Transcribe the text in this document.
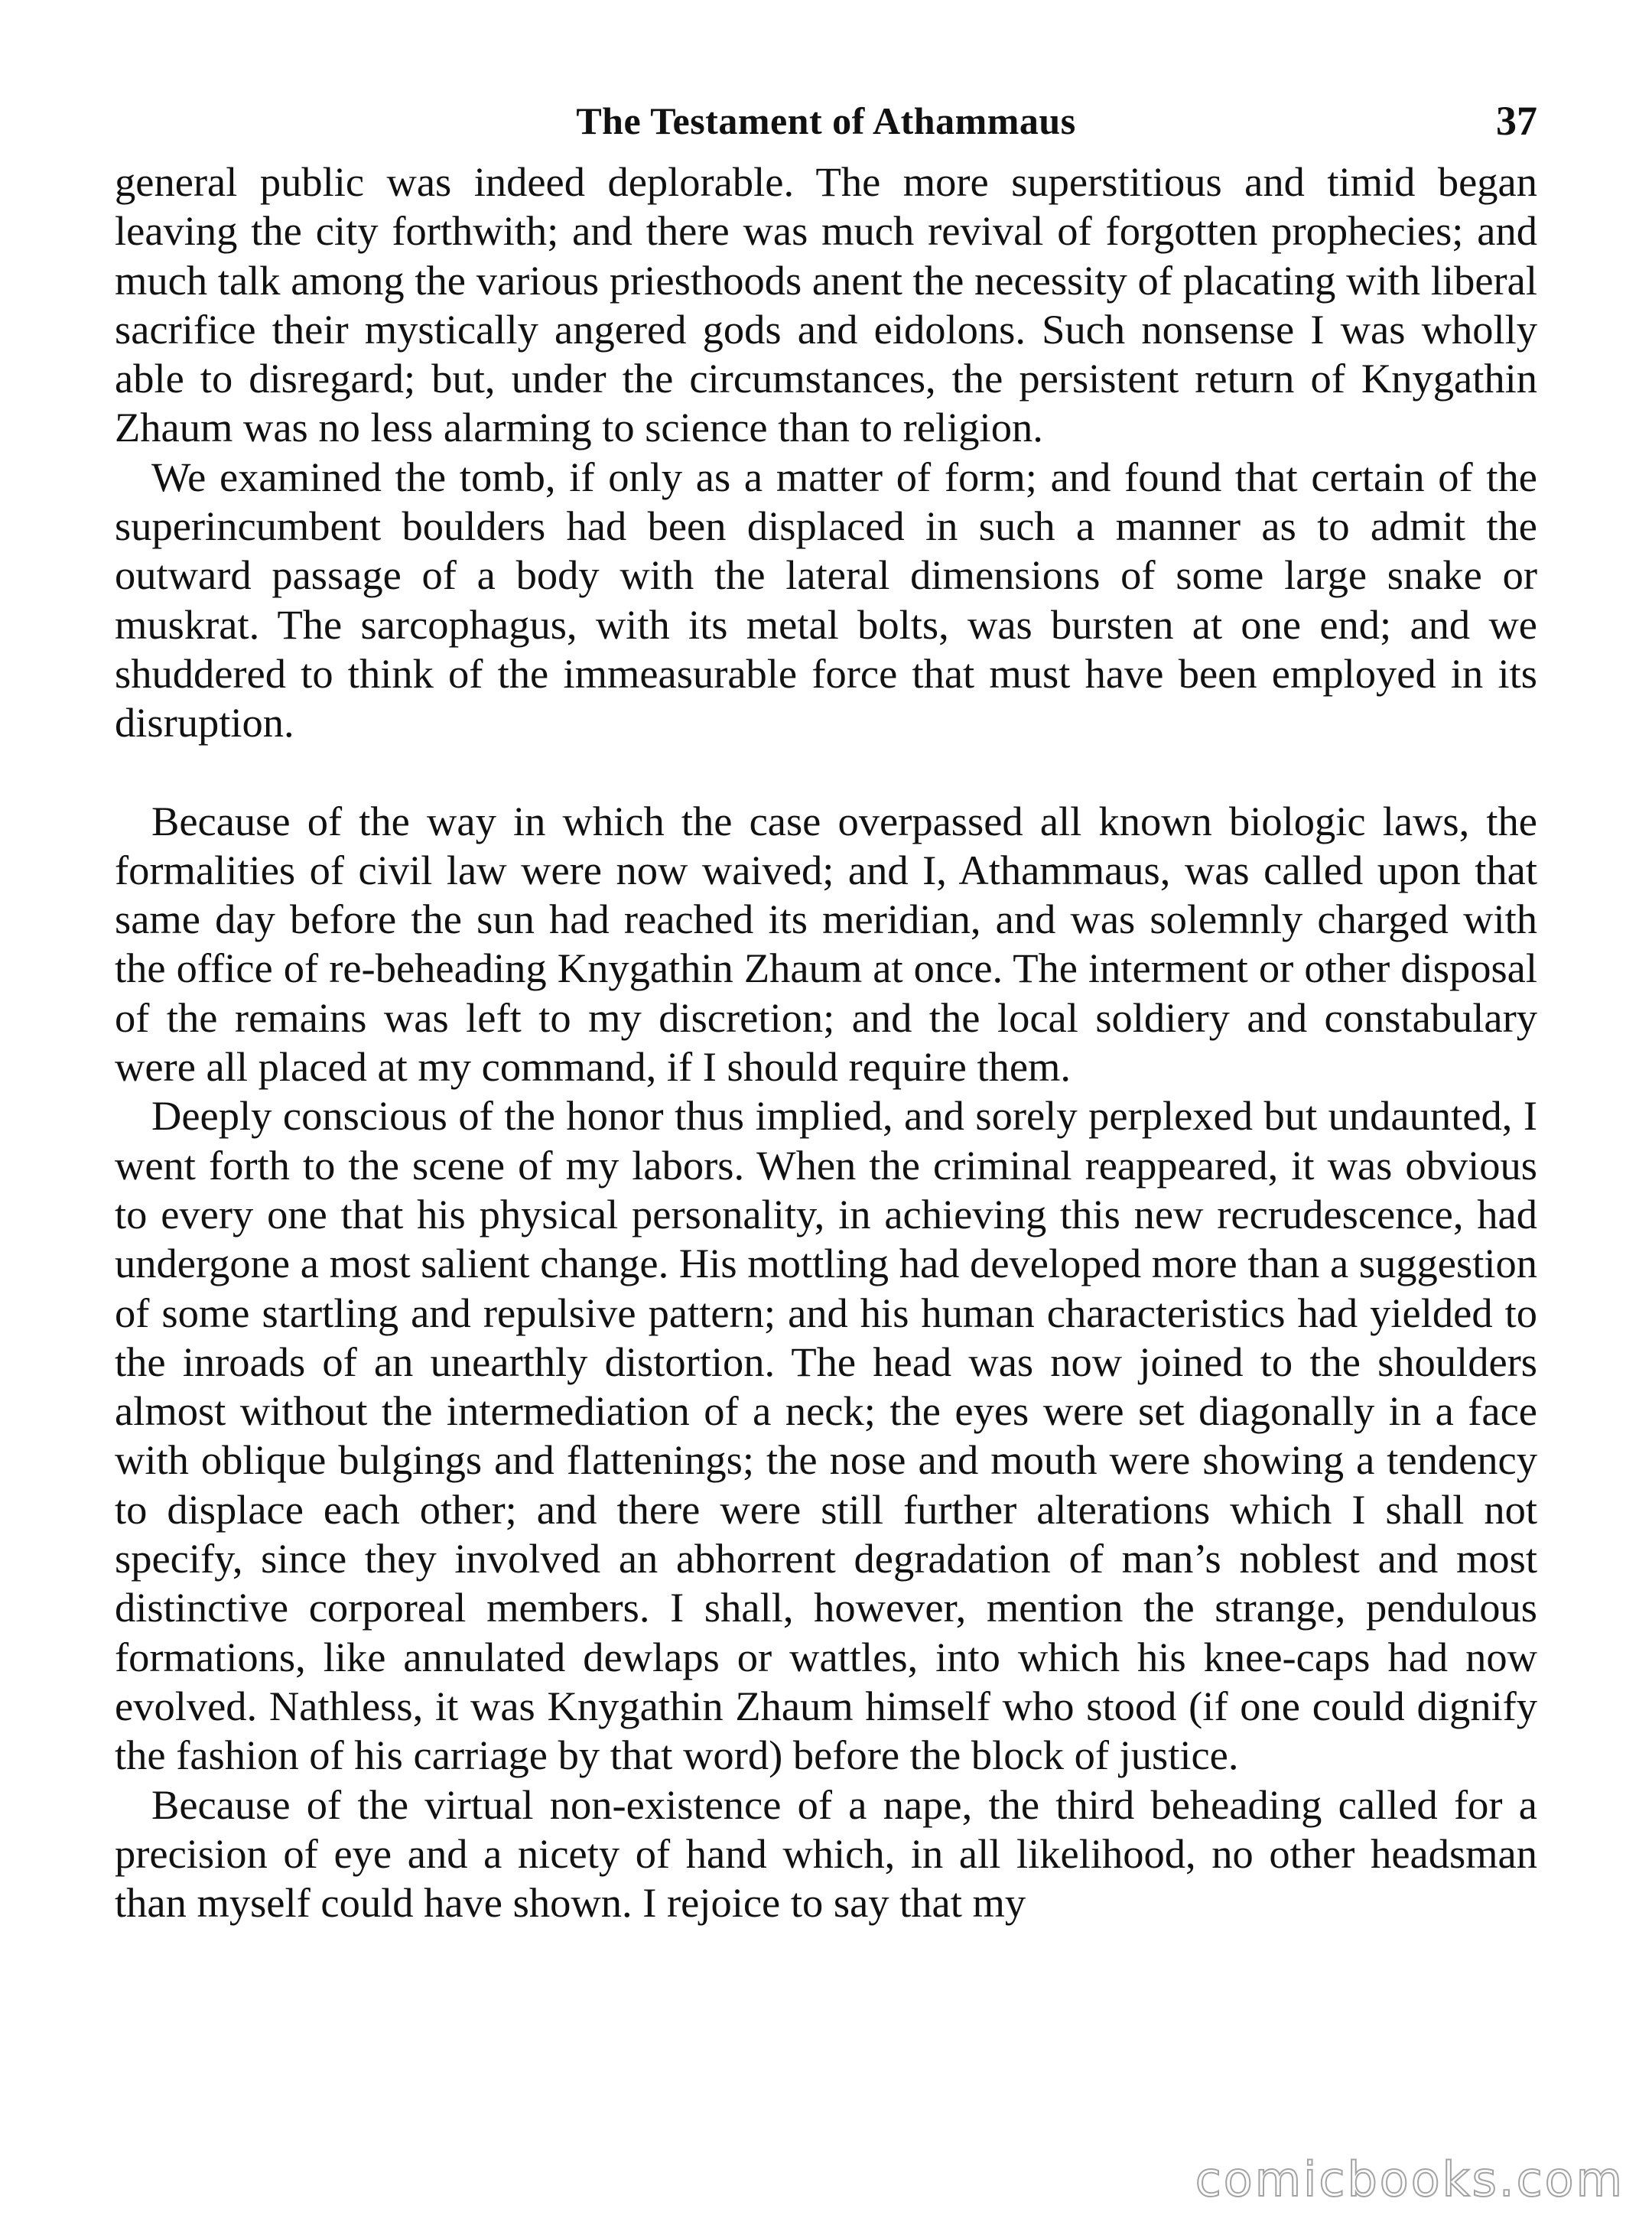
The Testament of Athammaus	37

general public was indeed deplorable. The more superstitious and timid began leaving the city forthwith; and there was much revival of forgotten prophecies; and much talk among the various priesthoods anent the necessity of placating with liberal sacrifice their mystically angered gods and eidolons. Such nonsense I was wholly able to disregard; but, under the circumstances, the persistent return of Knygathin Zhaum was no less alarming to science than to religion.

We examined the tomb, if only as a matter of form; and found that certain of the superincumbent boulders had been displaced in such a manner as to admit the outward passage of a body with the lateral dimensions of some large snake or muskrat. The sarcophagus, with its metal bolts, was bursten at one end; and we shuddered to think of the immeasurable force that must have been employed in its disruption.

Because of the way in which the case overpassed all known biologic laws, the formalities of civil law were now waived; and I, Athammaus, was called upon that same day before the sun had reached its meridian, and was solemnly charged with the office of re-beheading Knygathin Zhaum at once. The interment or other disposal of the remains was left to my discretion; and the local soldiery and constabulary were all placed at my command, if I should require them.

Deeply conscious of the honor thus implied, and sorely perplexed but undaunted, I went forth to the scene of my labors. When the criminal reappeared, it was obvious to every one that his physical personality, in achieving this new recrudescence, had undergone a most salient change. His mottling had developed more than a suggestion of some startling and repulsive pattern; and his human characteristics had yielded to the inroads of an unearthly distortion. The head was now joined to the shoulders almost without the intermediation of a neck; the eyes were set diagonally in a face with oblique bulgings and flattenings; the nose and mouth were showing a tendency to displace each other; and there were still further alterations which I shall not specify, since they involved an abhorrent degradation of man’s noblest and most distinctive corporeal members. I shall, however, mention the strange, pendulous formations, like annulated dewlaps or wattles, into which his knee-caps had now evolved. Nathless, it was Knygathin Zhaum himself who stood (if one could dignify the fashion of his carriage by that word) before the block of justice.

Because of the virtual non-existence of a nape, the third beheading called for a precision of eye and a nicety of hand which, in all likelihood, no other headsman than myself could have shown. I rejoice to say that my

comicbooks.com
